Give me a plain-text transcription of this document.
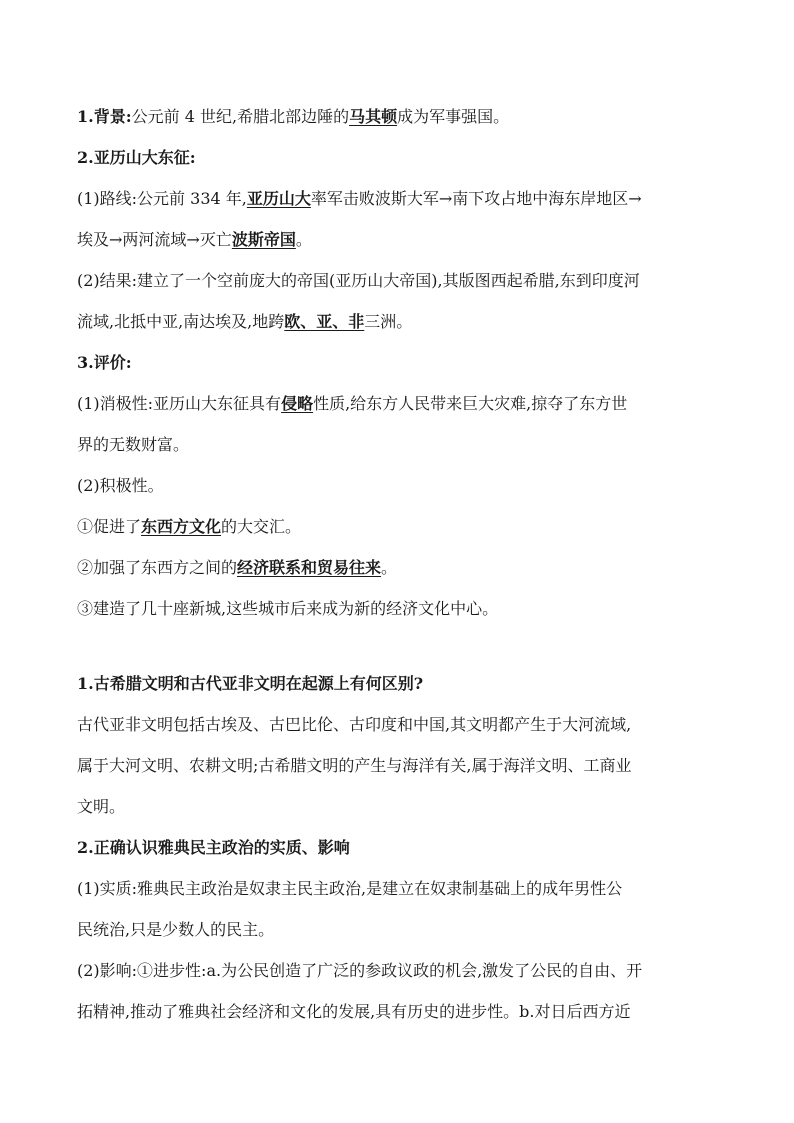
1.背景:公元前 4 世纪,希腊北部边陲的马其顿成为军事强国。
2.亚历山大东征:
(1)路线:公元前 334 年,亚历山大率军击败波斯大军→南下攻占地中海东岸地区→
埃及→两河流域→灭亡波斯帝国。
(2)结果:建立了一个空前庞大的帝国(亚历山大帝国),其版图西起希腊,东到印度河
流域,北抵中亚,南达埃及,地跨欧、亚、非三洲。
3.评价:
(1)消极性:亚历山大东征具有侵略性质,给东方人民带来巨大灾难,掠夺了东方世
界的无数财富。
(2)积极性。
①促进了东西方文化的大交汇。
②加强了东西方之间的经济联系和贸易往来。
③建造了几十座新城,这些城市后来成为新的经济文化中心。
1.古希腊文明和古代亚非文明在起源上有何区别?
古代亚非文明包括古埃及、古巴比伦、古印度和中国,其文明都产生于大河流域,
属于大河文明、农耕文明;古希腊文明的产生与海洋有关,属于海洋文明、工商业
文明。
2.正确认识雅典民主政治的实质、影响
(1)实质:雅典民主政治是奴隶主民主政治,是建立在奴隶制基础上的成年男性公
民统治,只是少数人的民主。
(2)影响:①进步性:a.为公民创造了广泛的参政议政的机会,激发了公民的自由、开
拓精神,推动了雅典社会经济和文化的发展,具有历史的进步性。b.对日后西方近
